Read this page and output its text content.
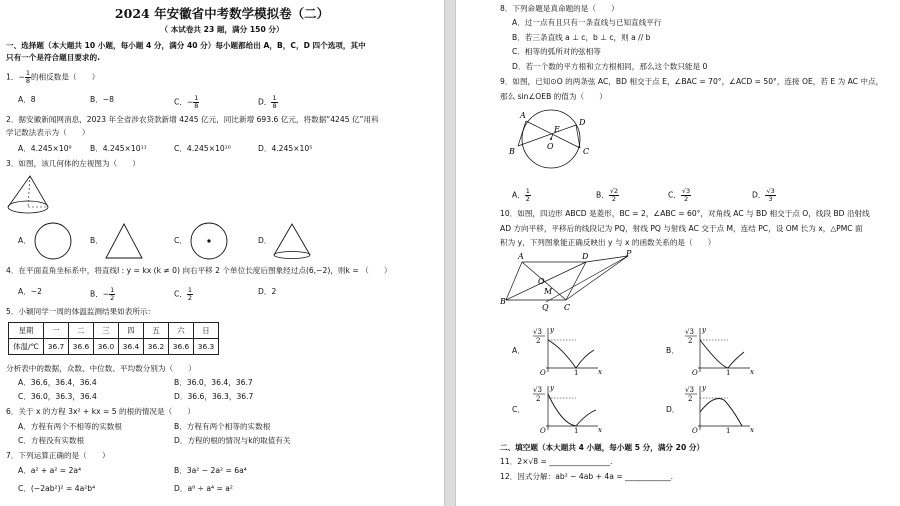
2024 年安徽省中考数学模拟卷（二）
（ 本试卷共 23 题，满分 150 分）
一、选择题（本大题共 10 小题，每小题 4 分，满分 40 分）每小题都给出 A，B，C，D 四个选项，其中
只有一个是符合题目要求的.
1．− $\frac{1}{8}$ 的相反数是（　　）
A．8	B．−8	C．− $\frac{1}{8}$	D． $\frac{1}{8}$
2．据安徽新闻网消息，2023 年全省涉农贷款新增 4245 亿元，同比新增 693.6 亿元，将数据“4245 亿”用科
学记数法表示为（　　）
A．4.245×10⁹ B．4.245×10¹¹	C．4.245×10¹⁰	D．4.245×10⁵
3．如图，该几何体的左视图为（　　）
A．	B．	C．	D．
4．在平面直角坐标系中，将直线l : y = kx (k ≠ 0) 向右平移 2 个单位长度后图象经过点(6,−2)，则k = （　　）
A．−2	B．− $\frac{1}{2}$	C． $\frac{1}{2}$	D．2
5．小颖同学一周的体温监测结果如表所示：
星期	一	二	三	四	五	六	日
体温/℃	36.7	36.6	36.0	36.4	36.2	36.6	36.3
分析表中的数据，众数、中位数、平均数分别为（　　）
A．36.6，36.4，36.4	B．36.0，36.4，36.7
C．36.0，36.3，36.4	D．36.6，36.3，36.7
6．关于 x 的方程 3x² + kx = 5 的根的情况是（　　）
A．方程有两个不相等的实数根	B．方程有两个相等的实数根
C．方程没有实数根	D．方程的根的情况与k的取值有关
7．下列运算正确的是（　　）
A．a² + a² = 2a⁴	B．3a² − 2a² = 6a⁴
C．(−2ab²)² = 4a²b⁴	D．a⁸ ÷ a⁴ = a²
8．下列命题是真命题的是（　　）
A．过一点有且只有一条直线与已知直线平行
B．若三条直线 a ⊥ c，b ⊥ c，则 a // b
C．相等的弧所对的弦相等
D．若一个数的平方根和立方根相同，那么这个数只能是 0
9．如图，已知⊙O 的两条弦 AC，BD 相交于点 E，∠BAC = 70°，∠ACD = 50°，连接 OE，若 E 为 AC 中点，
那么 sin∠OEB 的值为（　　）
A
B	C
D
E
O
A． $\frac{1}{2}$	B． $\frac{√2}{2}$	C． $\frac{√3}{2}$	D． $\frac{√3}{3}$
10．如图，四边形 ABCD 是菱形，BC = 2，∠ABC = 60°，对角线 AC 与 BD 相交于点 O，线段 BD 沿射线
AD 方向平移，平移后的线段记为 PQ，射线 PQ 与射线 AC 交于点 M，连结 PC，设 OM 长为 x，△PMC 面
积为 y，下列图象能正确反映出 y 与 x 的函数关系的是（　　）
A
B
C
D	P
Q
M
O
A．
√3
2
y
x
O	1
B．
√3
2
y
x
O	1
C．
√3
2
y
x
O	1
D．
√3
2
y
x
O	1
二、填空题（本大题共 4 小题，每小题 5 分，满分 20 分）
11．2×√8 = ________________.
12．因式分解：ab² − 4ab + 4a = ____________.
